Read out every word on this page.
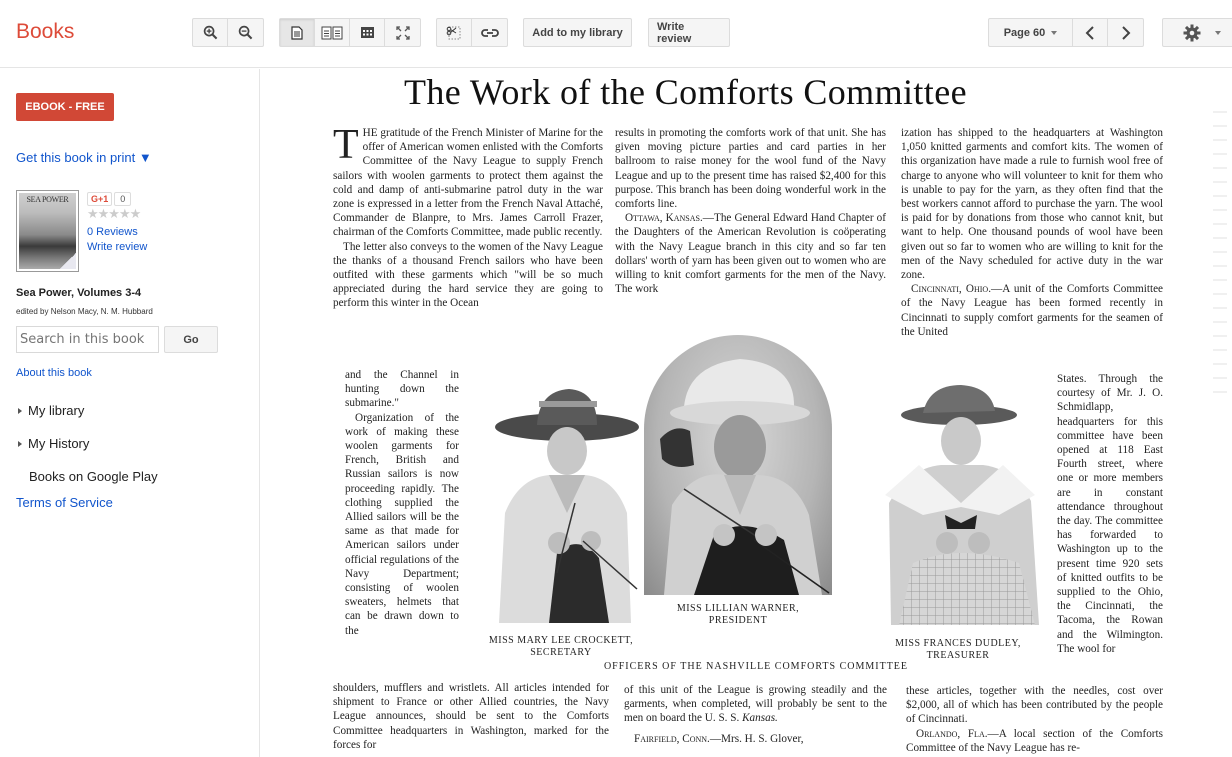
Books	Add to my library	Write review	Page 60
EBOOK - FREE
Get this book in print ▼
SEA POWER	G+1	0
★★★★★
0 Reviews
Write review
Sea Power, Volumes 3-4
edited by Nelson Macy, N. M. Hubbard
Search in this book
Go
About this book
My library
My History
Books on Google Play
Terms of Service
The Work of the Comforts Committee

THE gratitude of the French Minister of Marine for the offer of American women enlisted with the Comforts Committee of the Navy League to supply French sailors with woolen garments to protect them against the cold and damp of anti-submarine patrol duty in the war zone is expressed in a letter from the French Naval Attaché, Commander de Blanpre, to Mrs. James Carroll Frazer, chairman of the Comforts Committee, made public recently.

The letter also conveys to the women of the Navy League the thanks of a thousand French sailors who have been outfited with these garments which "will be so much appreciated during the hard service they are going to perform this winter in the Ocean

and the Channel in hunting down the submarine."

Organization of the work of making these woolen garments for French, British and Russian sailors is now proceeding rapidly. The clothing supplied the Allied sailors will be the same as that made for American sailors under official regulations of the Navy Department; consisting of woolen sweaters, helmets that can be drawn down to the

shoulders, mufflers and wristlets. All articles intended for shipment to France or other Allied countries, the Navy League announces, should be sent to the Comforts Committee headquarters in Washington, marked for the forces for

results in promoting the comforts work of that unit. She has given moving picture parties and card parties in her ballroom to raise money for the wool fund of the Navy League and up to the present time has raised $2,400 for this purpose. This branch has been doing wonderful work in the comforts line.

Ottawa, Kansas.—The General Edward Hand Chapter of the Daughters of the American Revolution is coöperating with the Navy League branch in this city and so far ten dollars' worth of yarn has been given out to women who are willing to knit comfort garments for the men of the Navy. The work

of this unit of the League is growing steadily and the garments, when completed, will probably be sent to the men on board the U. S. S. Kansas.

Fairfield, Conn.—Mrs. H. S. Glover,

ization has shipped to the headquarters at Washington 1,050 knitted garments and comfort kits. The women of this organization have made a rule to furnish wool free of charge to anyone who will volunteer to knit for them who is unable to pay for the yarn, as they often find that the best workers cannot afford to purchase the yarn. The wool is paid for by donations from those who cannot knit, but want to help. One thousand pounds of wool have been given out so far to women who are willing to knit for the men of the Navy scheduled for active duty in the war zone.

Cincinnati, Ohio.—A unit of the Comforts Committee of the Navy League has been formed recently in Cincinnati to supply comfort garments for the seamen of the United

States. Through the courtesy of Mr. J. O. Schmidlapp, headquarters for this committee have been opened at 118 East Fourth street, where one or more members are in constant attendance throughout the day. The committee has forwarded to Washington up to the present time 920 sets of knitted outfits to be supplied to the Ohio, the Cincinnati, the Tacoma, the Rowan and the Wilmington. The wool for

these articles, together with the needles, cost over $2,000, all of which has been contributed by the people of Cincinnati.

Orlando, Fla.—A local section of the Comforts Committee of the Navy League has re-

MISS LILLIAN WARNER,
PRESIDENT
MISS MARY LEE CROCKETT,
SECRETARY
MISS FRANCES DUDLEY,
TREASURER
OFFICERS OF THE NASHVILLE COMFORTS COMMITTEE
